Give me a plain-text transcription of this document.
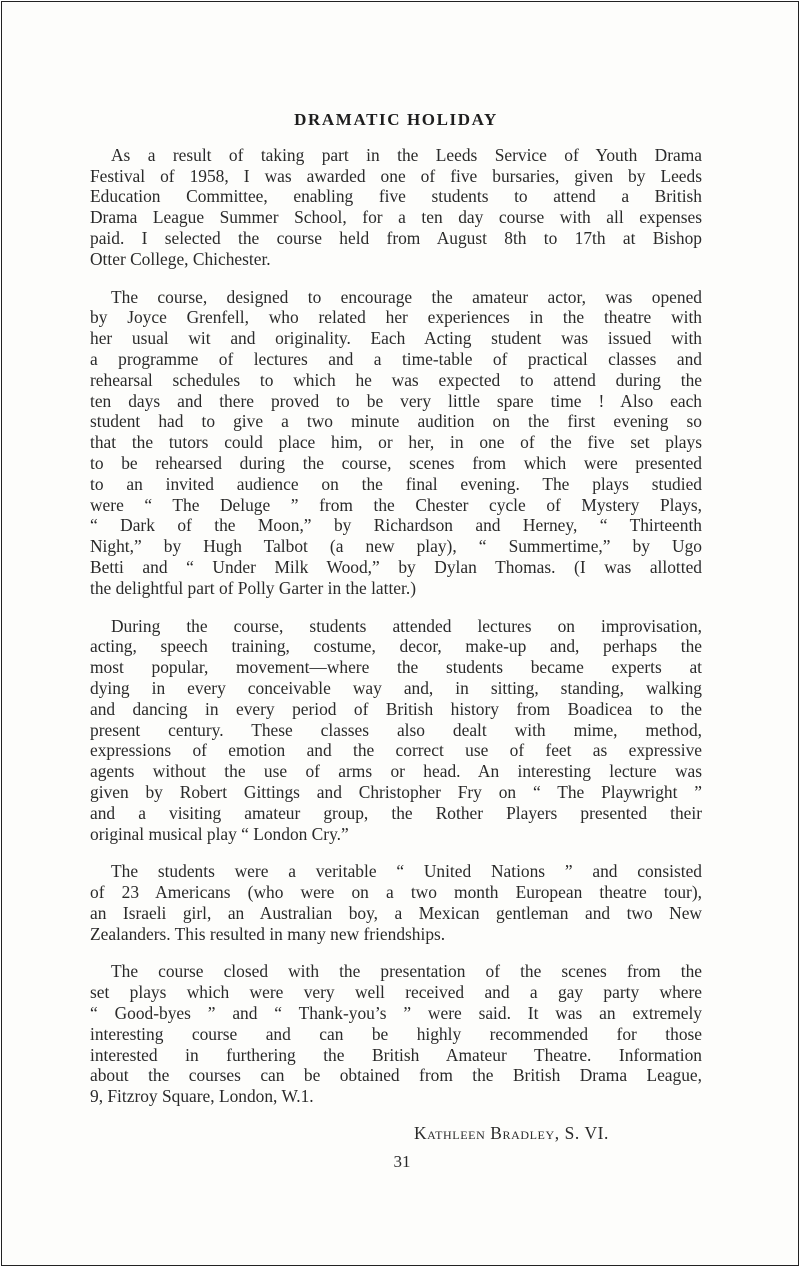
DRAMATIC HOLIDAY
As a result of taking part in the Leeds Service of Youth Drama
Festival of 1958, I was awarded one of five bursaries, given by Leeds
Education Committee, enabling five students to attend a British
Drama League Summer School, for a ten day course with all expenses
paid. I selected the course held from August 8th to 17th at Bishop
Otter College, Chichester.
The course, designed to encourage the amateur actor, was opened
by Joyce Grenfell, who related her experiences in the theatre with
her usual wit and originality. Each Acting student was issued with
a programme of lectures and a time-table of practical classes and
rehearsal schedules to which he was expected to attend during the
ten days and there proved to be very little spare time ! Also each
student had to give a two minute audition on the first evening so
that the tutors could place him, or her, in one of the five set plays
to be rehearsed during the course, scenes from which were presented
to an invited audience on the final evening. The plays studied
were “ The Deluge ” from the Chester cycle of Mystery Plays,
“ Dark of the Moon,” by Richardson and Herney, “ Thirteenth
Night,” by Hugh Talbot (a new play), “ Summertime,” by Ugo
Betti and “ Under Milk Wood,” by Dylan Thomas. (I was allotted
the delightful part of Polly Garter in the latter.)
During the course, students attended lectures on improvisation,
acting, speech training, costume, decor, make-up and, perhaps the
most popular, movement—where the students became experts at
dying in every conceivable way and, in sitting, standing, walking
and dancing in every period of British history from Boadicea to the
present century. These classes also dealt with mime, method,
expressions of emotion and the correct use of feet as expressive
agents without the use of arms or head. An interesting lecture was
given by Robert Gittings and Christopher Fry on “ The Playwright ”
and a visiting amateur group, the Rother Players presented their
original musical play “ London Cry.”
The students were a veritable “ United Nations ” and consisted
of 23 Americans (who were on a two month European theatre tour),
an Israeli girl, an Australian boy, a Mexican gentleman and two New
Zealanders. This resulted in many new friendships.
The course closed with the presentation of the scenes from the
set plays which were very well received and a gay party where
“ Good-byes ” and “ Thank-you’s ” were said. It was an extremely
interesting course and can be highly recommended for those
interested in furthering the British Amateur Theatre. Information
about the courses can be obtained from the British Drama League,
9, Fitzroy Square, London, W.1.
Kathleen Bradley, S. VI.
31
